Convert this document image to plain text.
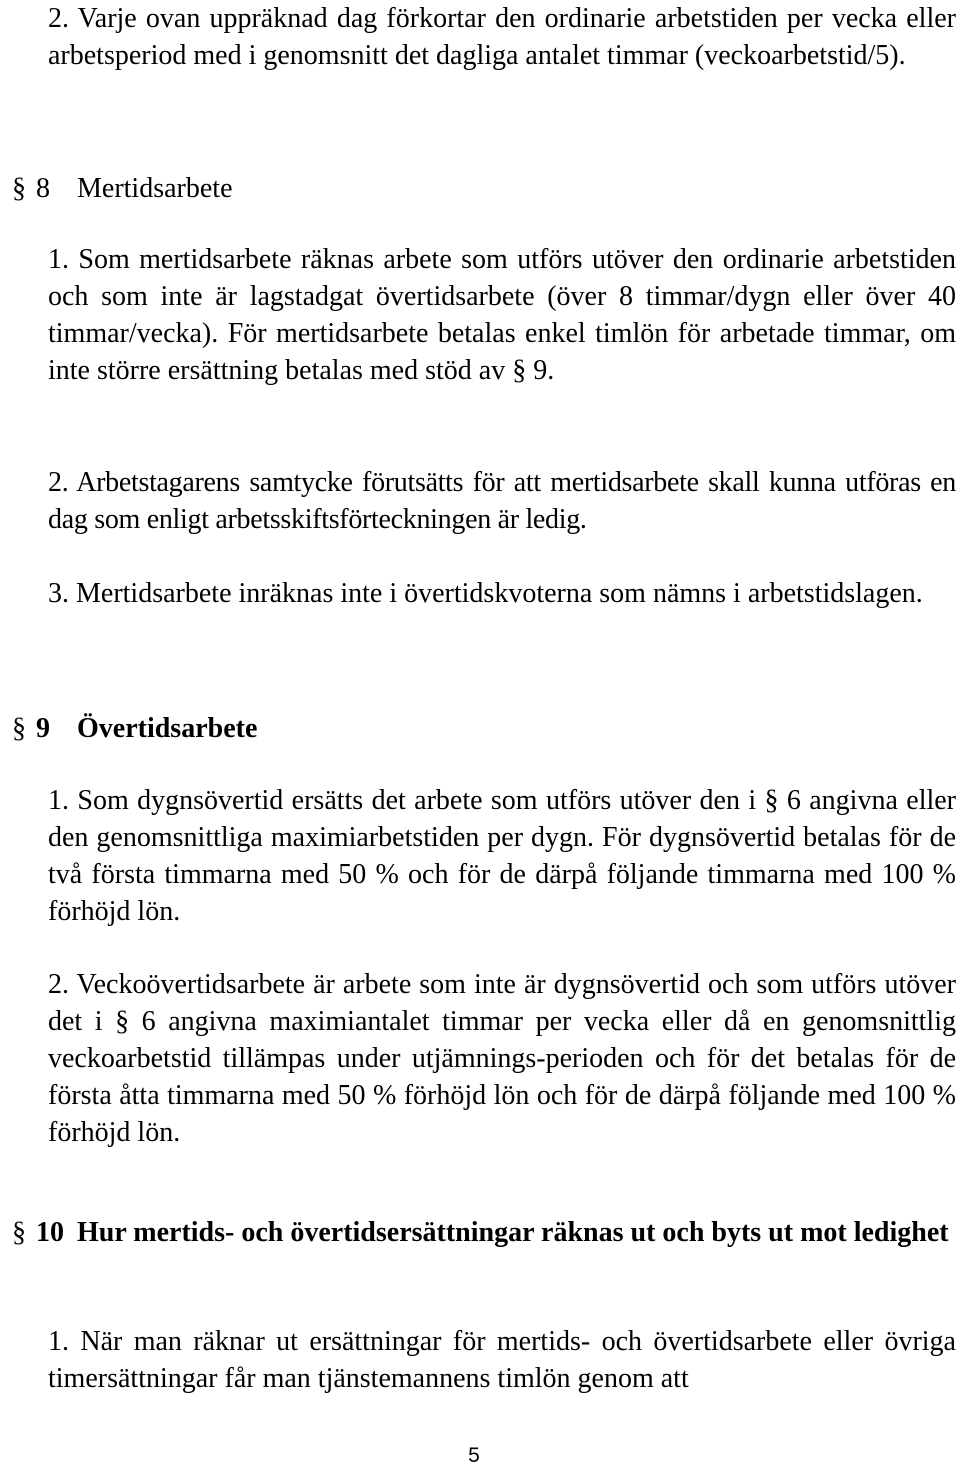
2. Varje ovan uppräknad dag förkortar den ordinarie arbetstiden per vecka eller arbetsperiod med i genomsnitt det dagliga antalet timmar (veckoarbetstid/5).

§ 8 Mertidsarbete

1. Som mertidsarbete räknas arbete som utförs utöver den ordinarie arbetstiden och som inte är lagstadgat övertidsarbete (över 8 timmar/dygn eller över 40 timmar/vecka). För mertidsarbete betalas enkel timlön för arbetade timmar, om inte större ersättning betalas med stöd av § 9.

2. Arbetstagarens samtycke förutsätts för att mertidsarbete skall kunna utföras en dag som enligt arbetsskiftsförteckningen är ledig.

3. Mertidsarbete inräknas inte i övertidskvoterna som nämns i arbetstidslagen.

§ 9 Övertidsarbete

1. Som dygnsövertid ersätts det arbete som utförs utöver den i § 6 angivna eller den genomsnittliga maximiarbetstiden per dygn. För dygnsövertid betalas för de två första timmarna med 50 % och för de därpå följande timmarna med 100 % förhöjd lön.

2. Veckoövertidsarbete är arbete som inte är dygnsövertid och som utförs utöver det i § 6 angivna maximiantalet timmar per vecka eller då en genomsnittlig veckoarbetstid tillämpas under utjämnings-perioden och för det betalas för de första åtta timmarna med 50 % förhöjd lön och för de därpå följande med 100 % förhöjd lön.

§ 10 Hur mertids- och övertidsersättningar räknas ut och byts ut mot ledighet

1. När man räknar ut ersättningar för mertids- och övertidsarbete eller övriga timersättningar får man tjänstemannens timlön genom att

5
